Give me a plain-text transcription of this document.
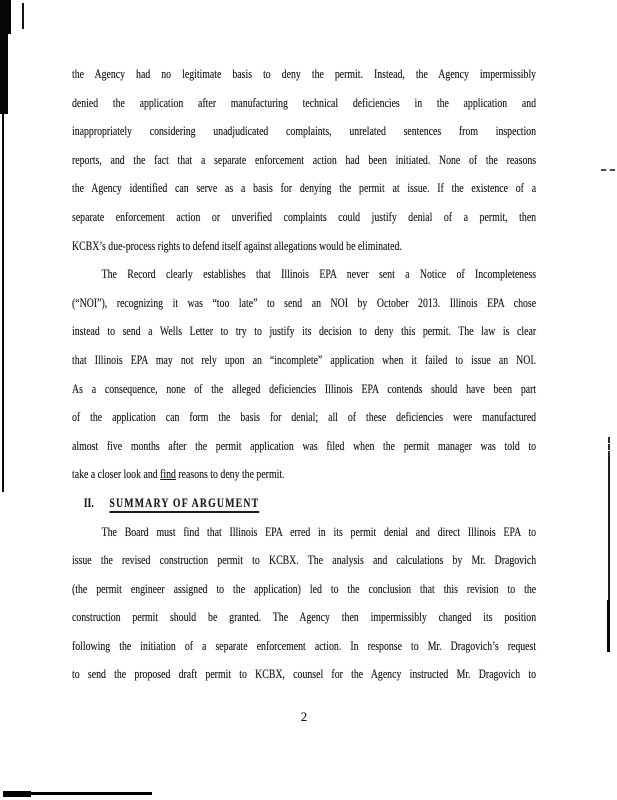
the Agency had no legitimate basis to deny the permit. Instead, the Agency impermissibly
denied the application after manufacturing technical deficiencies in the application and
inappropriately considering unadjudicated complaints, unrelated sentences from inspection
reports, and the fact that a separate enforcement action had been initiated. None of the reasons
the Agency identified can serve as a basis for denying the permit at issue. If the existence of a
separate enforcement action or unverified complaints could justify denial of a permit, then
KCBX’s due-process rights to defend itself against allegations would be eliminated.
The Record clearly establishes that Illinois EPA never sent a Notice of Incompleteness
(“NOI”), recognizing it was “too late” to send an NOI by October 2013. Illinois EPA chose
instead to send a Wells Letter to try to justify its decision to deny this permit. The law is clear
that Illinois EPA may not rely upon an “incomplete” application when it failed to issue an NOI.
As a consequence, none of the alleged deficiencies Illinois EPA contends should have been part
of the application can form the basis for denial; all of these deficiencies were manufactured
almost five months after the permit application was filed when the permit manager was told to
take a closer look and find reasons to deny the permit.
II. SUMMARY OF ARGUMENT
The Board must find that Illinois EPA erred in its permit denial and direct Illinois EPA to
issue the revised construction permit to KCBX. The analysis and calculations by Mr. Dragovich
(the permit engineer assigned to the application) led to the conclusion that this revision to the
construction permit should be granted. The Agency then impermissibly changed its position
following the initiation of a separate enforcement action. In response to Mr. Dragovich’s request
to send the proposed draft permit to KCBX, counsel for the Agency instructed Mr. Dragovich to
2
